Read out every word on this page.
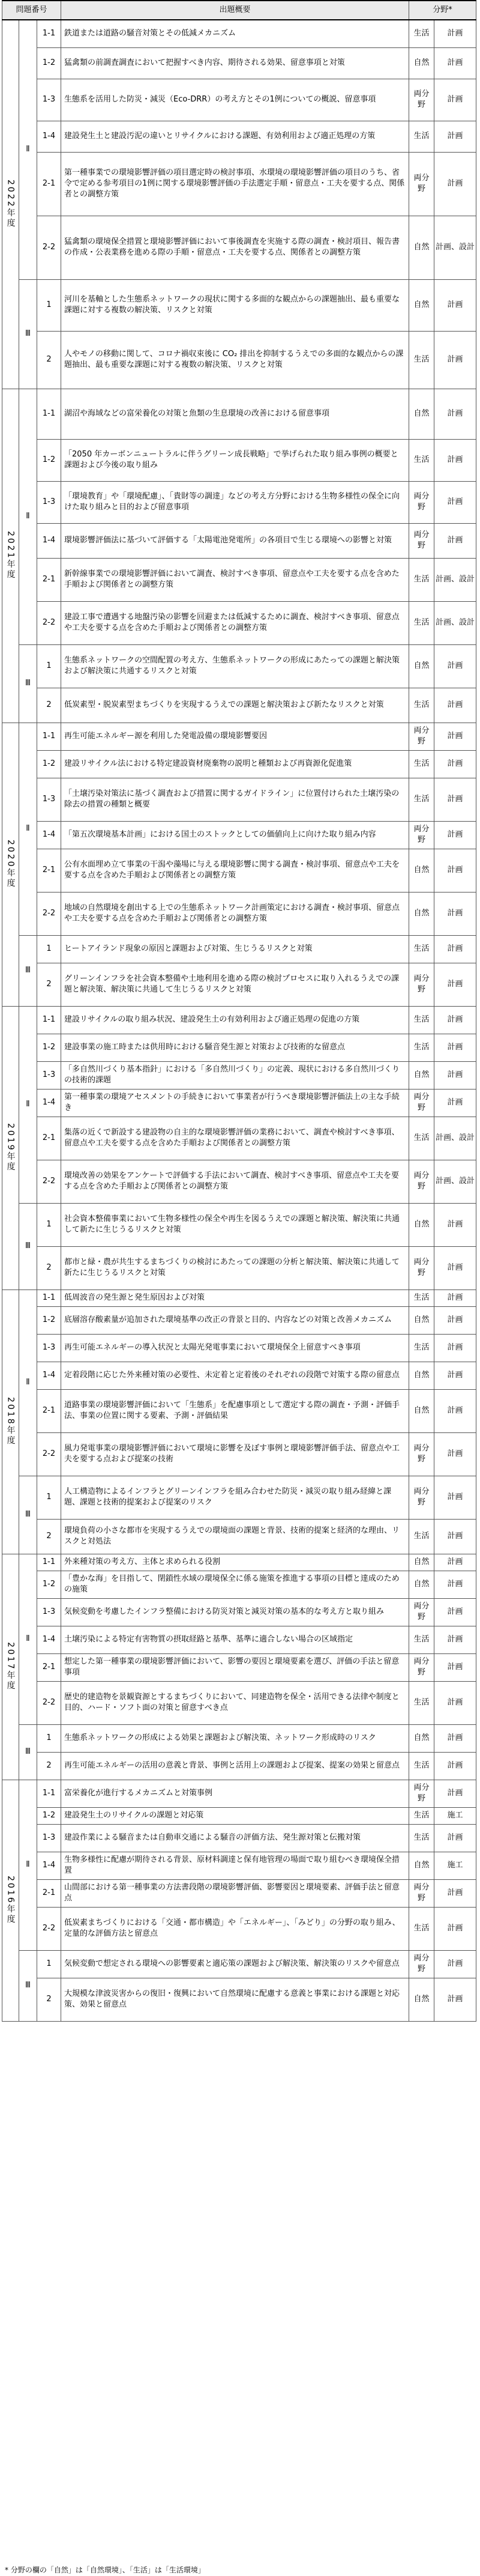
問題番号			出題概要	分野*	
2022年度	Ⅱ	1-1	鉄道または道路の騒音対策とその低減メカニズム	生活	計画
		1-2	猛禽類の前調査調査において把握すべき内容、期待される効果、留意事項と対策	自然	計画
		1-3	生態系を活用した防災・減災（Eco-DRR）の考え方とその1例についての概説、留意事項	両分野	計画
		1-4	建設発生土と建設汚泥の違いとリサイクルにおける課題、有効利用および適正処理の方策	生活	計画
		2-1	第一種事業での環境影響評価の項目選定時の検討事項、水環境の環境影響評価の項目のうち、省令で定める参考項目の1例に関する環境影響評価の手法選定手順・留意点・工夫を要する点、関係者との調整方策	両分野	計画
		2-2	猛禽類の環境保全措置と環境影響評価において事後調査を実施する際の調査・検討項目、報告書の作成・公表業務を進める際の手順・留意点・工夫を要する点、関係者との調整方策	自然	計画、設計
	Ⅲ	1	河川を基軸とした生態系ネットワークの現状に関する多面的な観点からの課題抽出、最も重要な課題に対する複数の解決策、リスクと対策	自然	計画
		2	人やモノの移動に関して、コロナ禍収束後に CO₂ 排出を抑制するうえでの多面的な観点からの課題抽出、最も重要な課題に対する複数の解決策、リスクと対策	生活	計画
2021年度	Ⅱ	1-1	湖沼や海域などの富栄養化の対策と魚類の生息環境の改善における留意事項	自然	計画
		1-2	「2050 年カーボンニュートラルに伴うグリーン成長戦略」で挙げられた取り組み事例の概要と課題および今後の取り組み	生活	計画
		1-3	「環境教育」や「環境配慮」、「貴財等の調達」などの考え方分野における生物多様性の保全に向けた取り組みと目的および留意事項	両分野	計画
		1-4	環境影響評価法に基づいて評価する「太陽電池発電所」の各項目で生じる環境への影響と対策	両分野	計画
		2-1	新幹線事業での環境影響評価において調査、検討すべき事項、留意点や工夫を要する点を含めた手順および関係者との調整方策	生活	計画、設計
		2-2	建設工事で遭遇する地盤汚染の影響を回避または低減するために調査、検討すべき事項、留意点や工夫を要する点を含めた手順および関係者との調整方策	生活	計画、設計
	Ⅲ	1	生態系ネットワークの空間配置の考え方、生態系ネットワークの形成にあたっての課題と解決策および解決策に共通するリスクと対策	自然	計画
		2	低炭素型・脱炭素型まちづくりを実現するうえでの課題と解決策および新たなリスクと対策	生活	計画
2020年度	Ⅱ	1-1	再生可能エネルギー源を利用した発電設備の環境影響要因	両分野	計画
		1-2	建設リサイクル法における特定建設資材廃棄物の説明と種類および再資源化促進策	生活	計画
		1-3	「土壌汚染対策法に基づく調査および措置に関するガイドライン」に位置付けられた土壌汚染の除去の措置の種類と概要	生活	計画
		1-4	「第五次環境基本計画」における国土のストックとしての価値向上に向けた取り組み内容	両分野	計画
		2-1	公有水面埋め立て事業の干潟や藻場に与える環境影響に関する調査・検討事項、留意点や工夫を要する点を含めた手順および関係者との調整方策	自然	計画
		2-2	地域の自然環境を創出する上での生態系ネットワーク計画策定における調査・検討事項、留意点や工夫を要する点を含めた手順および関係者との調整方策	自然	計画
	Ⅲ	1	ヒートアイランド現象の原因と課題および対策、生じうるリスクと対策	生活	計画
		2	グリーンインフラを社会資本整備や土地利用を進める際の検討プロセスに取り入れるうえでの課題と解決策、解決策に共通して生じうるリスクと対策	両分野	計画
2019年度	Ⅱ	1-1	建設リサイクルの取り組み状況、建設発生土の有効利用および適正処理の促進の方策	生活	計画
		1-2	建設事業の施工時または供用時における騒音発生源と対策および技術的な留意点	生活	計画
		1-3	「多自然川づくり基本指針」における「多自然川づくり」の定義、現状における多自然川づくりの技術的課題	自然	計画
		1-4	第一種事業の環境アセスメントの手続きにおいて事業者が行うべき環境影響評価法上の主な手続き	両分野	計画
		2-1	集落の近くで新設する建設物の自主的な環境影響評価の業務において、調査や検討すべき事項、留意点や工夫を要する点を含めた手順および関係者との調整方策	生活	計画、設計
		2-2	環境改善の効果をアンケートで評価する手法において調査、検討すべき事項、留意点や工夫を要する点を含めた手順および関係者との調整方策	両分野	計画、設計
	Ⅲ	1	社会資本整備事業において生物多様性の保全や再生を図るうえでの課題と解決策、解決策に共通して新たに生じうるリスクと対策	自然	計画
		2	都市と緑・農が共生するまちづくりの検討にあたっての課題の分析と解決策、解決策に共通して新たに生じうるリスクと対策	両分野	計画
2018年度	Ⅱ	1-1	低周波音の発生源と発生原因および対策	生活	計画
		1-2	底層溶存酸素量が追加された環境基準の改正の背景と目的、内容などの対策と改善メカニズム	自然	計画
		1-3	再生可能エネルギーの導入状況と太陽光発電事業において環境保全上留意すべき事項	生活	計画
		1-4	定着段階に応じた外来種対策の必要性、未定着と定着後のそれぞれの段階で対策する際の留意点	自然	計画
		2-1	道路事業の環境影響評価において「生態系」を配慮事項として選定する際の調査・予測・評価手法、事業の位置に関する要素、予測・評価結果	自然	計画
		2-2	風力発電事業の環境影響評価において環境に影響を及ぼす事例と環境影響評価手法、留意点や工夫を要する点および提案の技術	両分野	計画
	Ⅲ	1	人工構造物によるインフラとグリーンインフラを組み合わせた防災・減災の取り組み経緯と課題、課題と技術的提案および提案のリスク	両分野	計画
		2	環境負荷の小さな都市を実現するうえでの環境面の課題と背景、技術的提案と経済的な理由、リスクと対処法	生活	計画
2017年度	Ⅱ	1-1	外来種対策の考え方、主体と求められる役割	自然	計画
		1-2	「豊かな海」を目指して、閉鎖性水域の環境保全に係る施策を推進する事項の目標と達成のための施策	自然	計画
		1-3	気候変動を考慮したインフラ整備における防災対策と減災対策の基本的な考え方と取り組み	両分野	計画
		1-4	土壌汚染による特定有害物質の摂取経路と基準、基準に適合しない場合の区域指定	生活	計画
		2-1	想定した第一種事業の環境影響評価において、影響の要因と環境要素を選び、評価の手法と留意事項	両分野	計画
		2-2	歴史的建造物を景観資源とするまちづくりにおいて、同建造物を保全・活用できる法律や制度と目的、ハード・ソフト面の対策と留意すべき点	生活	計画
	Ⅲ	1	生態系ネットワークの形成による効果と課題および解決策、ネットワーク形成時のリスク	自然	計画
		2	再生可能エネルギーの活用の意義と背景、事例と活用上の課題および提案、提案の効果と留意点	生活	計画
2016年度	Ⅱ	1-1	富栄養化が進行するメカニズムと対策事例	両分野	計画
		1-2	建設発生土のリサイクルの課題と対応策	生活	施工
		1-3	建設作業による騒音または自動車交通による騒音の評価方法、発生源対策と伝搬対策	生活	計画
		1-4	生物多様性に配慮が期待される背景、原材料調達と保有地管理の場面で取り組むべき環境保全措置	自然	施工
		2-1	山間部における第一種事業の方法書段階の環境影響評価、影響要因と環境要素、評価手法と留意点	両分野	計画
		2-2	低炭素まちづくりにおける「交通・都市構造」や「エネルギー」、「みどり」の分野の取り組み、定量的な評価方法と留意点	生活	計画
	Ⅲ	1	気候変動で想定される環境への影響要素と適応策の課題および解決策、解決策のリスクや留意点	両分野	計画
		2	大規模な津波災害からの復旧・復興において自然環境に配慮する意義と事業における課題と対応策、効果と留意点	自然	計画
* 分野の欄の「自然」は「自然環境」、「生活」は「生活環境」
